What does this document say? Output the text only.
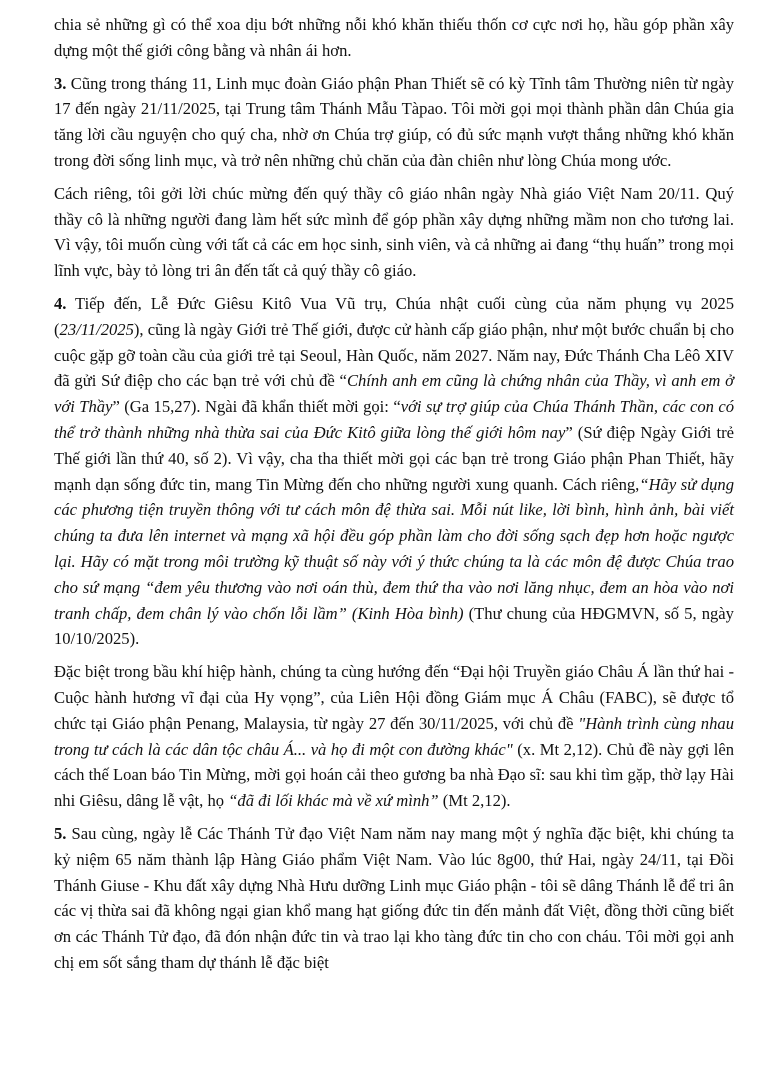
chia sẻ những gì có thể xoa dịu bớt những nỗi khó khăn thiếu thốn cơ cực nơi họ, hầu góp phần xây dựng một thế giới công bằng và nhân ái hơn.

3. Cũng trong tháng 11, Linh mục đoàn Giáo phận Phan Thiết sẽ có kỳ Tĩnh tâm Thường niên từ ngày 17 đến ngày 21/11/2025, tại Trung tâm Thánh Mẫu Tàpao. Tôi mời gọi mọi thành phần dân Chúa gia tăng lời cầu nguyện cho quý cha, nhờ ơn Chúa trợ giúp, có đủ sức mạnh vượt thắng những khó khăn trong đời sống linh mục, và trở nên những chủ chăn của đàn chiên như lòng Chúa mong ước.

Cách riêng, tôi gởi lời chúc mừng đến quý thầy cô giáo nhân ngày Nhà giáo Việt Nam 20/11. Quý thầy cô là những người đang làm hết sức mình để góp phần xây dựng những mầm non cho tương lai. Vì vậy, tôi muốn cùng với tất cả các em học sinh, sinh viên, và cả những ai đang “thụ huấn” trong mọi lĩnh vực, bày tỏ lòng tri ân đến tất cả quý thầy cô giáo.

4. Tiếp đến, Lễ Đức Giêsu Kitô Vua Vũ trụ, Chúa nhật cuối cùng của năm phụng vụ 2025 (23/11/2025), cũng là ngày Giới trẻ Thế giới, được cử hành cấp giáo phận, như một bước chuẩn bị cho cuộc gặp gỡ toàn cầu của giới trẻ tại Seoul, Hàn Quốc, năm 2027. Năm nay, Đức Thánh Cha Lêô XIV đã gửi Sứ điệp cho các bạn trẻ với chủ đề “Chính anh em cũng là chứng nhân của Thầy, vì anh em ở với Thầy” (Ga 15,27). Ngài đã khẩn thiết mời gọi: “với sự trợ giúp của Chúa Thánh Thần, các con có thể trở thành những nhà thừa sai của Đức Kitô giữa lòng thế giới hôm nay” (Sứ điệp Ngày Giới trẻ Thế giới lần thứ 40, số 2). Vì vậy, cha tha thiết mời gọi các bạn trẻ trong Giáo phận Phan Thiết, hãy mạnh dạn sống đức tin, mang Tin Mừng đến cho những người xung quanh. Cách riêng,“Hãy sử dụng các phương tiện truyền thông với tư cách môn đệ thừa sai. Mỗi nút like, lời bình, hình ảnh, bài viết chúng ta đưa lên internet và mạng xã hội đều góp phần làm cho đời sống sạch đẹp hơn hoặc ngược lại. Hãy có mặt trong môi trường kỹ thuật số này với ý thức chúng ta là các môn đệ được Chúa trao cho sứ mạng “đem yêu thương vào nơi oán thù, đem thứ tha vào nơi lăng nhục, đem an hòa vào nơi tranh chấp, đem chân lý vào chốn lỗi lầm” (Kinh Hòa bình) (Thư chung của HĐGMVN, số 5, ngày 10/10/2025).

Đặc biệt trong bầu khí hiệp hành, chúng ta cùng hướng đến “Đại hội Truyền giáo Châu Á lần thứ hai - Cuộc hành hương vĩ đại của Hy vọng”, của Liên Hội đồng Giám mục Á Châu (FABC), sẽ được tổ chức tại Giáo phận Penang, Malaysia, từ ngày 27 đến 30/11/2025, với chủ đề "Hành trình cùng nhau trong tư cách là các dân tộc châu Á... và họ đi một con đường khác" (x. Mt 2,12). Chủ đề này gợi lên cách thế Loan báo Tin Mừng, mời gọi hoán cải theo gương ba nhà Đạo sĩ: sau khi tìm gặp, thờ lạy Hài nhi Giêsu, dâng lễ vật, họ “đã đi lối khác mà về xứ mình” (Mt 2,12).

5. Sau cùng, ngày lễ Các Thánh Tử đạo Việt Nam năm nay mang một ý nghĩa đặc biệt, khi chúng ta kỷ niệm 65 năm thành lập Hàng Giáo phẩm Việt Nam. Vào lúc 8g00, thứ Hai, ngày 24/11, tại Đồi Thánh Giuse - Khu đất xây dựng Nhà Hưu dưỡng Linh mục Giáo phận - tôi sẽ dâng Thánh lễ để tri ân các vị thừa sai đã không ngại gian khổ mang hạt giống đức tin đến mảnh đất Việt, đồng thời cũng biết ơn các Thánh Tử đạo, đã đón nhận đức tin và trao lại kho tàng đức tin cho con cháu. Tôi mời gọi anh chị em sốt sắng tham dự thánh lễ đặc biệt
